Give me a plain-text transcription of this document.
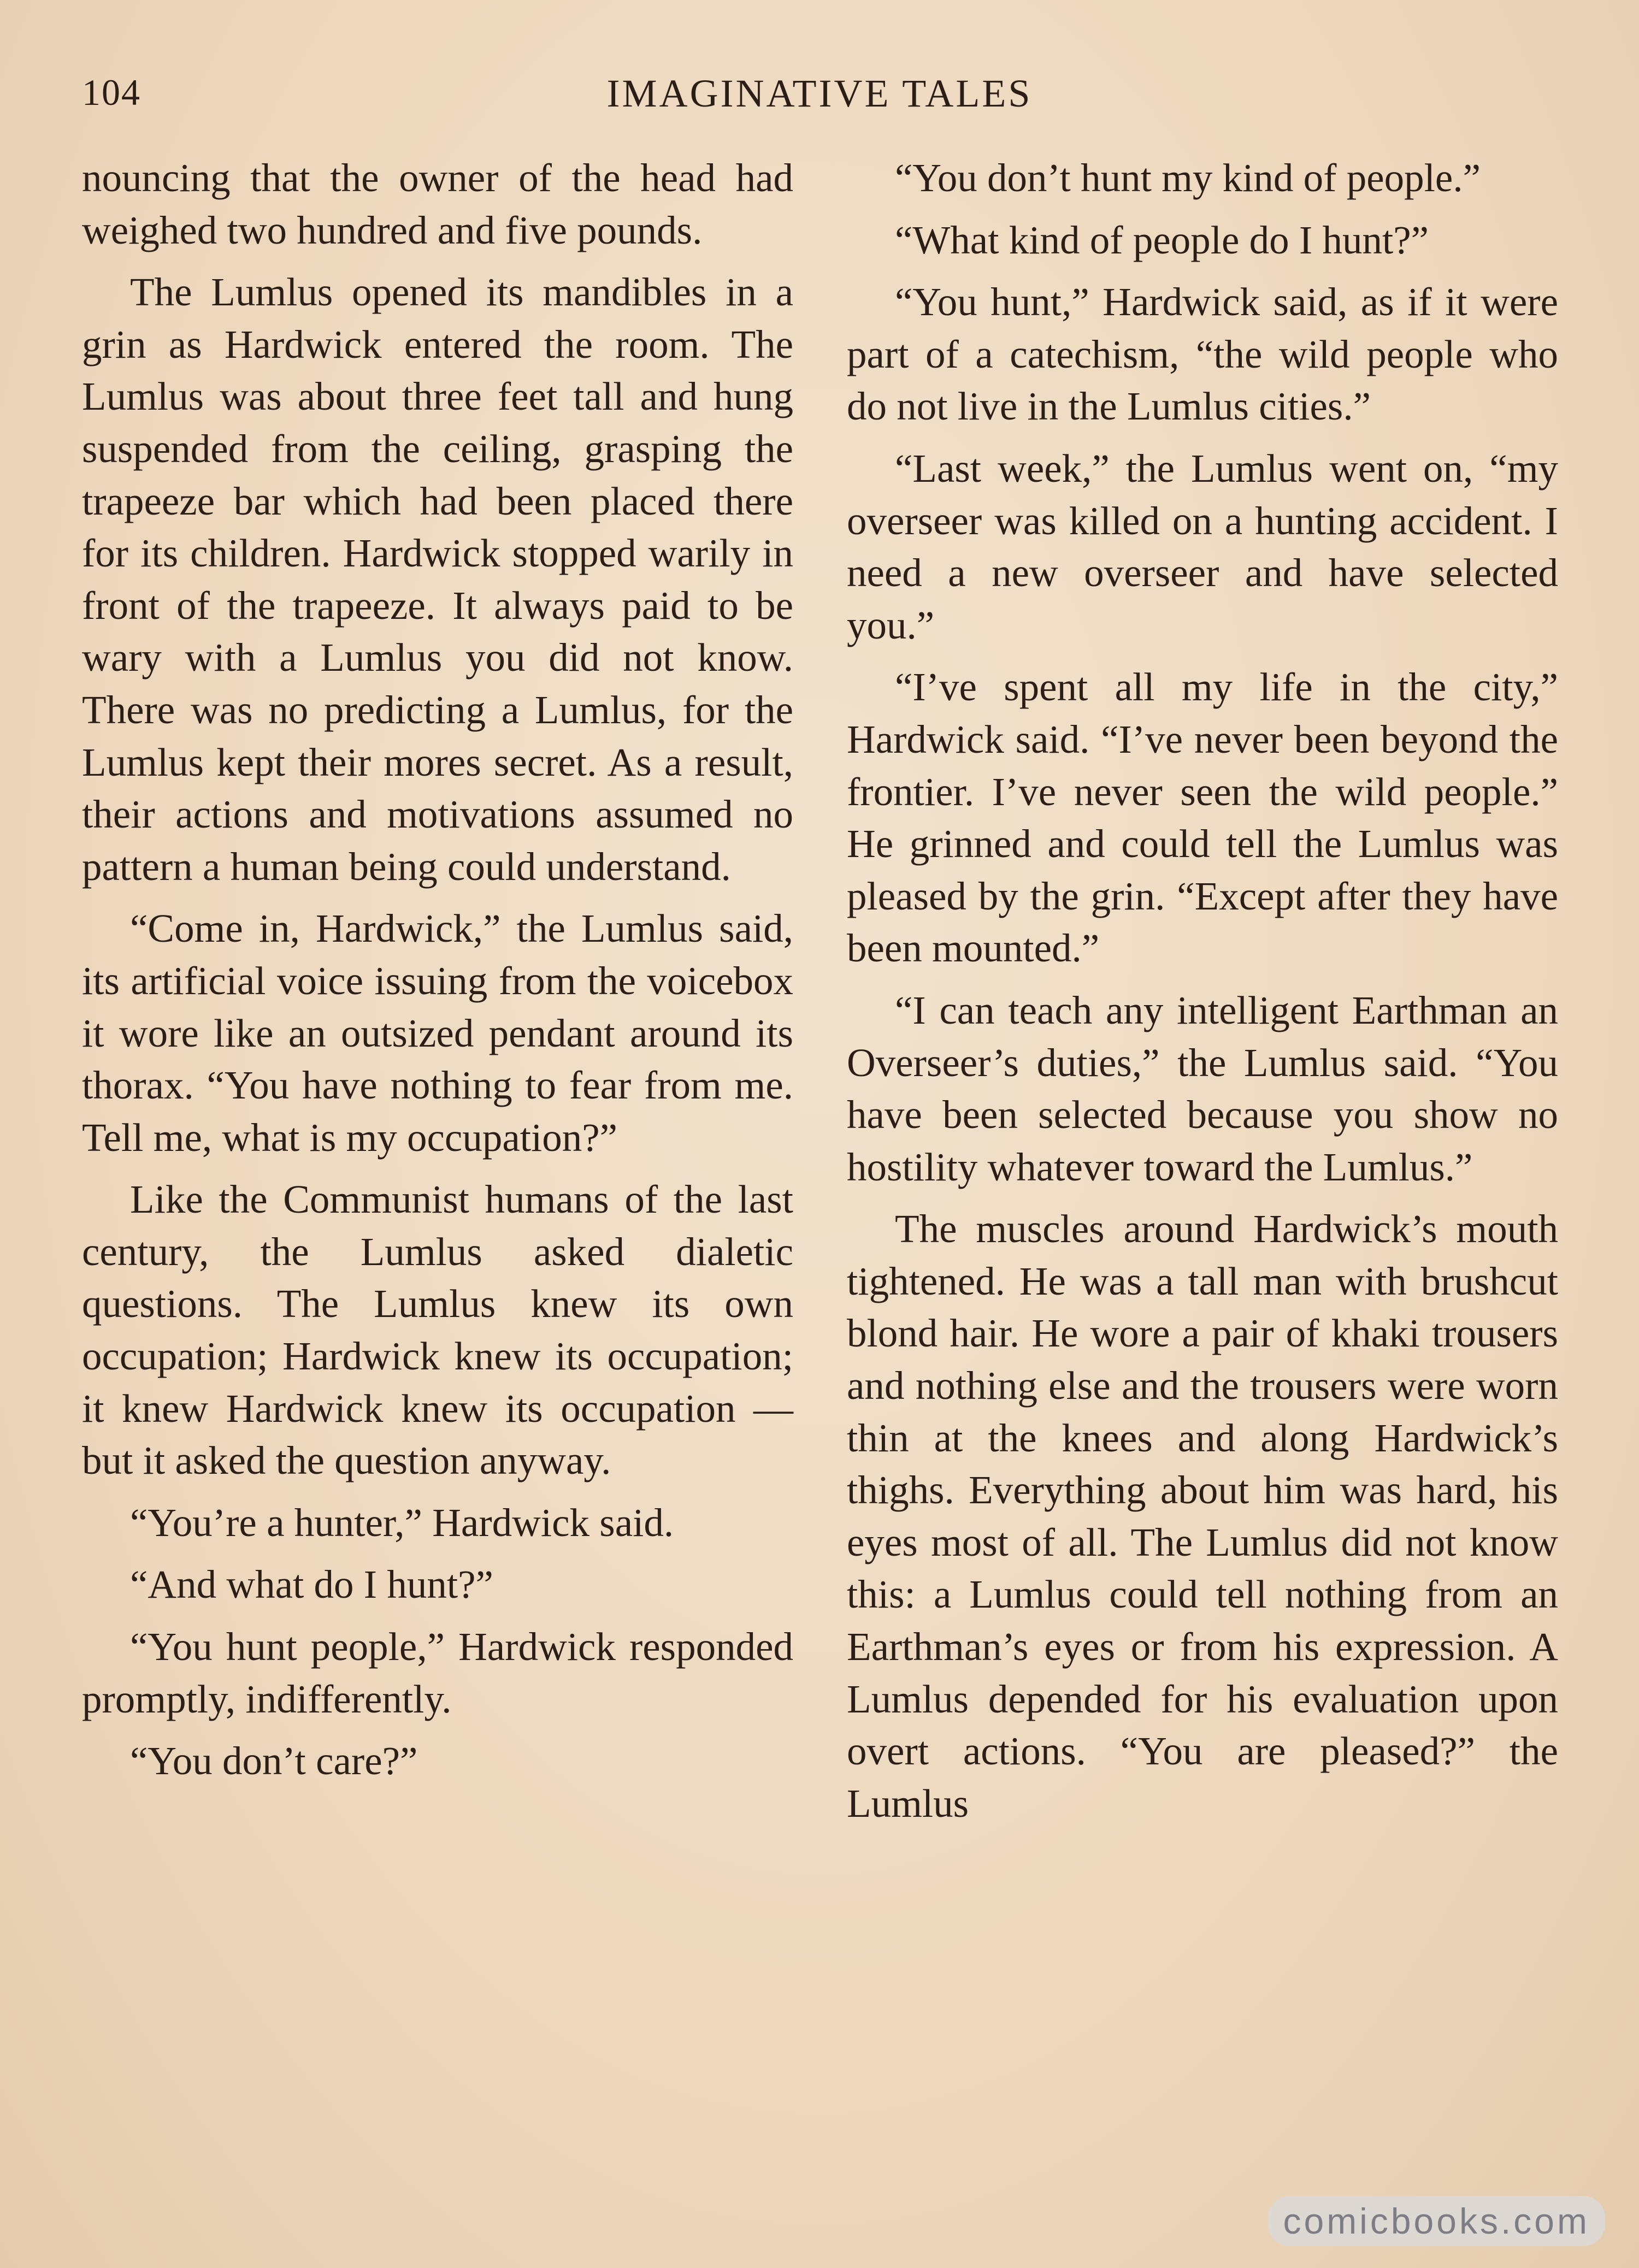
104	IMAGINATIVE TALES

nouncing that the owner of the head had weighed two hundred and five pounds.

The Lumlus opened its mandibles in a grin as Hardwick entered the room. The Lumlus was about three feet tall and hung suspended from the ceiling, grasping the trapeeze bar which had been placed there for its children. Hardwick stopped warily in front of the trapeeze. It always paid to be wary with a Lumlus you did not know. There was no predicting a Lumlus, for the Lumlus kept their mores secret. As a result, their actions and motivations assumed no pattern a human being could understand.

“Come in, Hardwick,” the Lumlus said, its artificial voice issuing from the voicebox it wore like an outsized pendant around its thorax. “You have nothing to fear from me. Tell me, what is my occupation?”

Like the Communist humans of the last century, the Lumlus asked dialetic questions. The Lumlus knew its own occupation; Hardwick knew its occupation; it knew Hardwick knew its occupation — but it asked the question anyway.

“You’re a hunter,” Hardwick said.

“And what do I hunt?”

“You hunt people,” Hardwick responded promptly, indifferently.

“You don’t care?”

“You don’t hunt my kind of people.”

“What kind of people do I hunt?”

“You hunt,” Hardwick said, as if it were part of a catechism, “the wild people who do not live in the Lumlus cities.”

“Last week,” the Lumlus went on, “my overseer was killed on a hunting accident. I need a new overseer and have selected you.”

“I’ve spent all my life in the city,” Hardwick said. “I’ve never been beyond the frontier. I’ve never seen the wild people.” He grinned and could tell the Lumlus was pleased by the grin. “Except after they have been mounted.”

“I can teach any intelligent Earthman an Overseer’s duties,” the Lumlus said. “You have been selected because you show no hostility whatever toward the Lumlus.”

The muscles around Hardwick’s mouth tightened. He was a tall man with brushcut blond hair. He wore a pair of khaki trousers and nothing else and the trousers were worn thin at the knees and along Hardwick’s thighs. Everything about him was hard, his eyes most of all. The Lumlus did not know this: a Lumlus could tell nothing from an Earthman’s eyes or from his expression. A Lumlus depended for his evaluation upon overt actions. “You are pleased?” the Lumlus

comicbooks.com
